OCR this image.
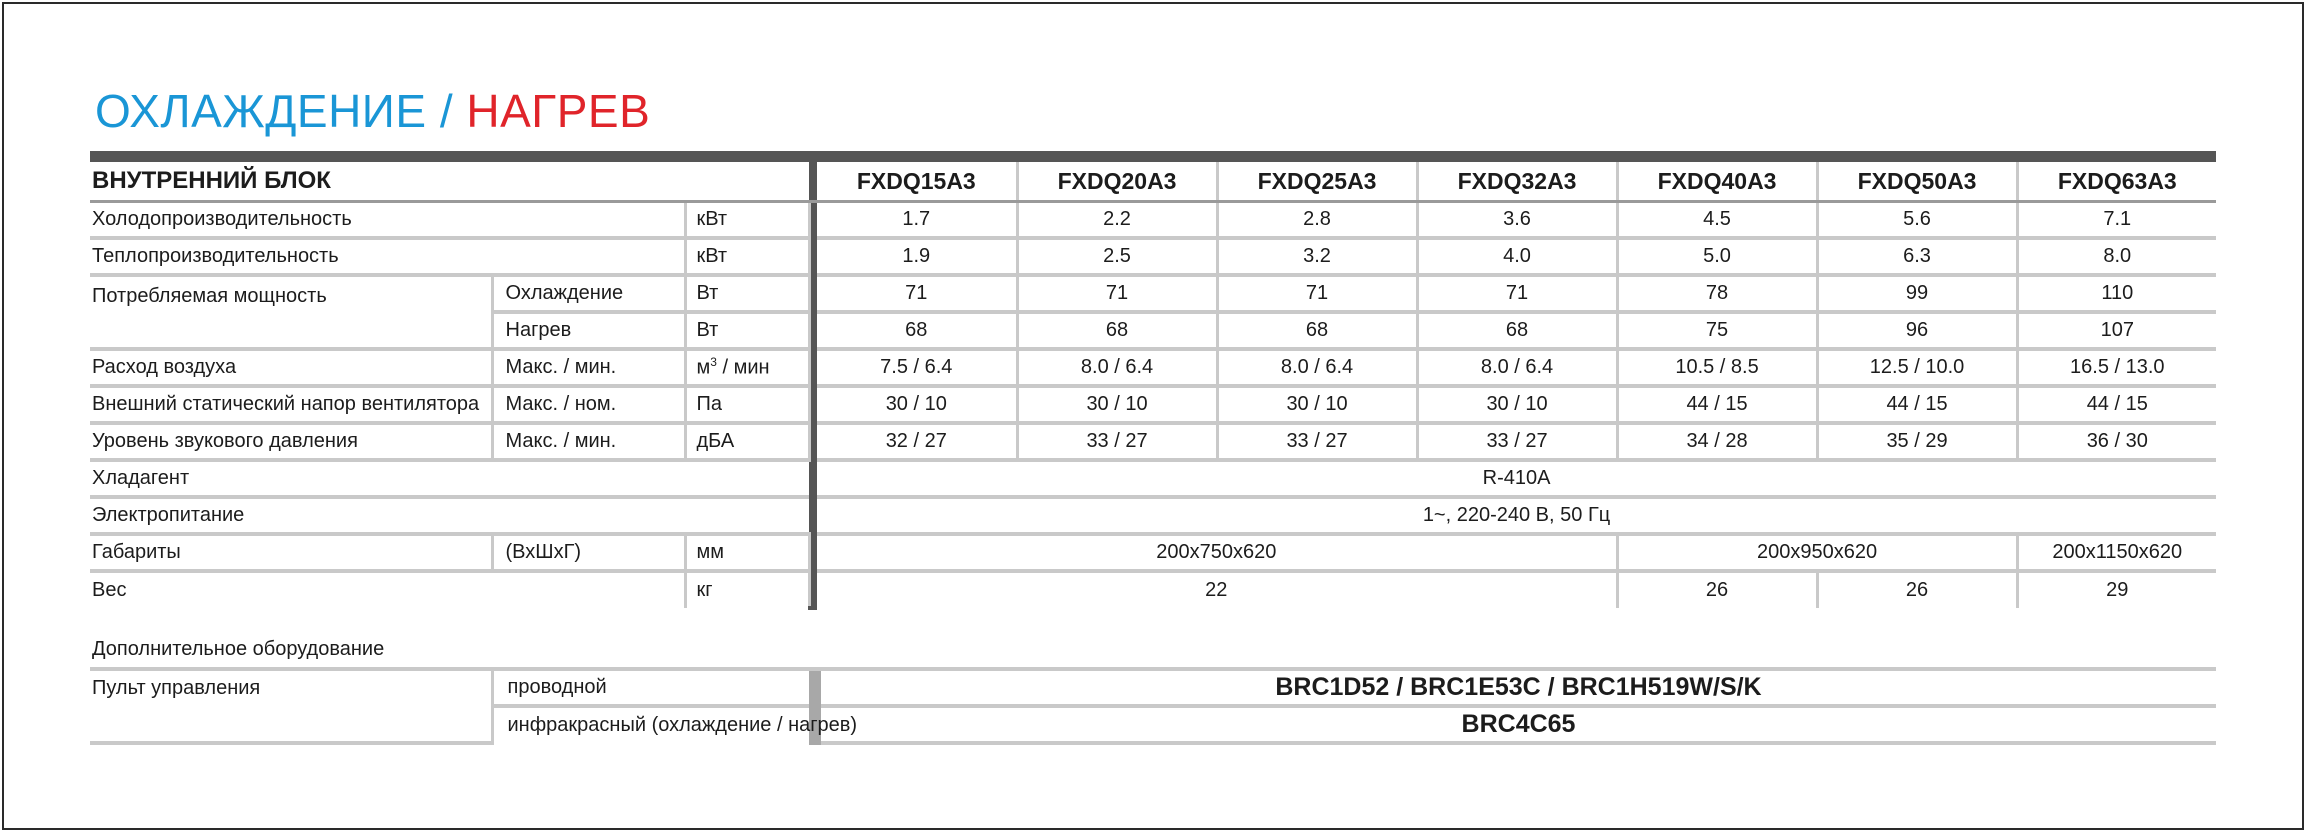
ОХЛАЖДЕНИЕ / НАГРЕВ
ВНУТРЕННИЙ БЛОК				FXDQ15A3	FXDQ20A3	FXDQ25A3	FXDQ32A3	FXDQ40A3	FXDQ50A3	FXDQ63A3
Холодопроизводительность		кВт		1.7	2.2	2.8	3.6	4.5	5.6	7.1
Теплопроизводительность		кВт		1.9	2.5	3.2	4.0	5.0	6.3	8.0
Потребляемая мощность	Охлаждение	Вт		71	71	71	71	78	99	110
	Нагрев	Вт		68	68	68	68	75	96	107
Расход воздуха	Макс. / мин.	$м^3$ / мин		7.5 / 6.4	8.0 / 6.4	8.0 / 6.4	8.0 / 6.4	10.5 / 8.5	12.5 / 10.0	16.5 / 13.0
Внешний статический напор вентилятора	Макс. / ном.	Па		30 / 10	30 / 10	30 / 10	30 / 10	44 / 15	44 / 15	44 / 15
Уровень звукового давления	Макс. / мин.	дБА		32 / 27	33 / 27	33 / 27	33 / 27	34 / 28	35 / 29	36 / 30
Хладагент				R-410A						
Электропитание				1~, 220-240 В, 50 Гц						
Габариты	(ВхШхГ)	мм		200x750x620				200x950x620		200x1150x620
Вес		кг		22				26	26	29
Дополнительное оборудование
Пульт управления	проводной		BRC1D52 / BRC1E53C / BRC1H519W/S/K
	инфракрасный (охлаждение / нагрев)		BRC4C65
